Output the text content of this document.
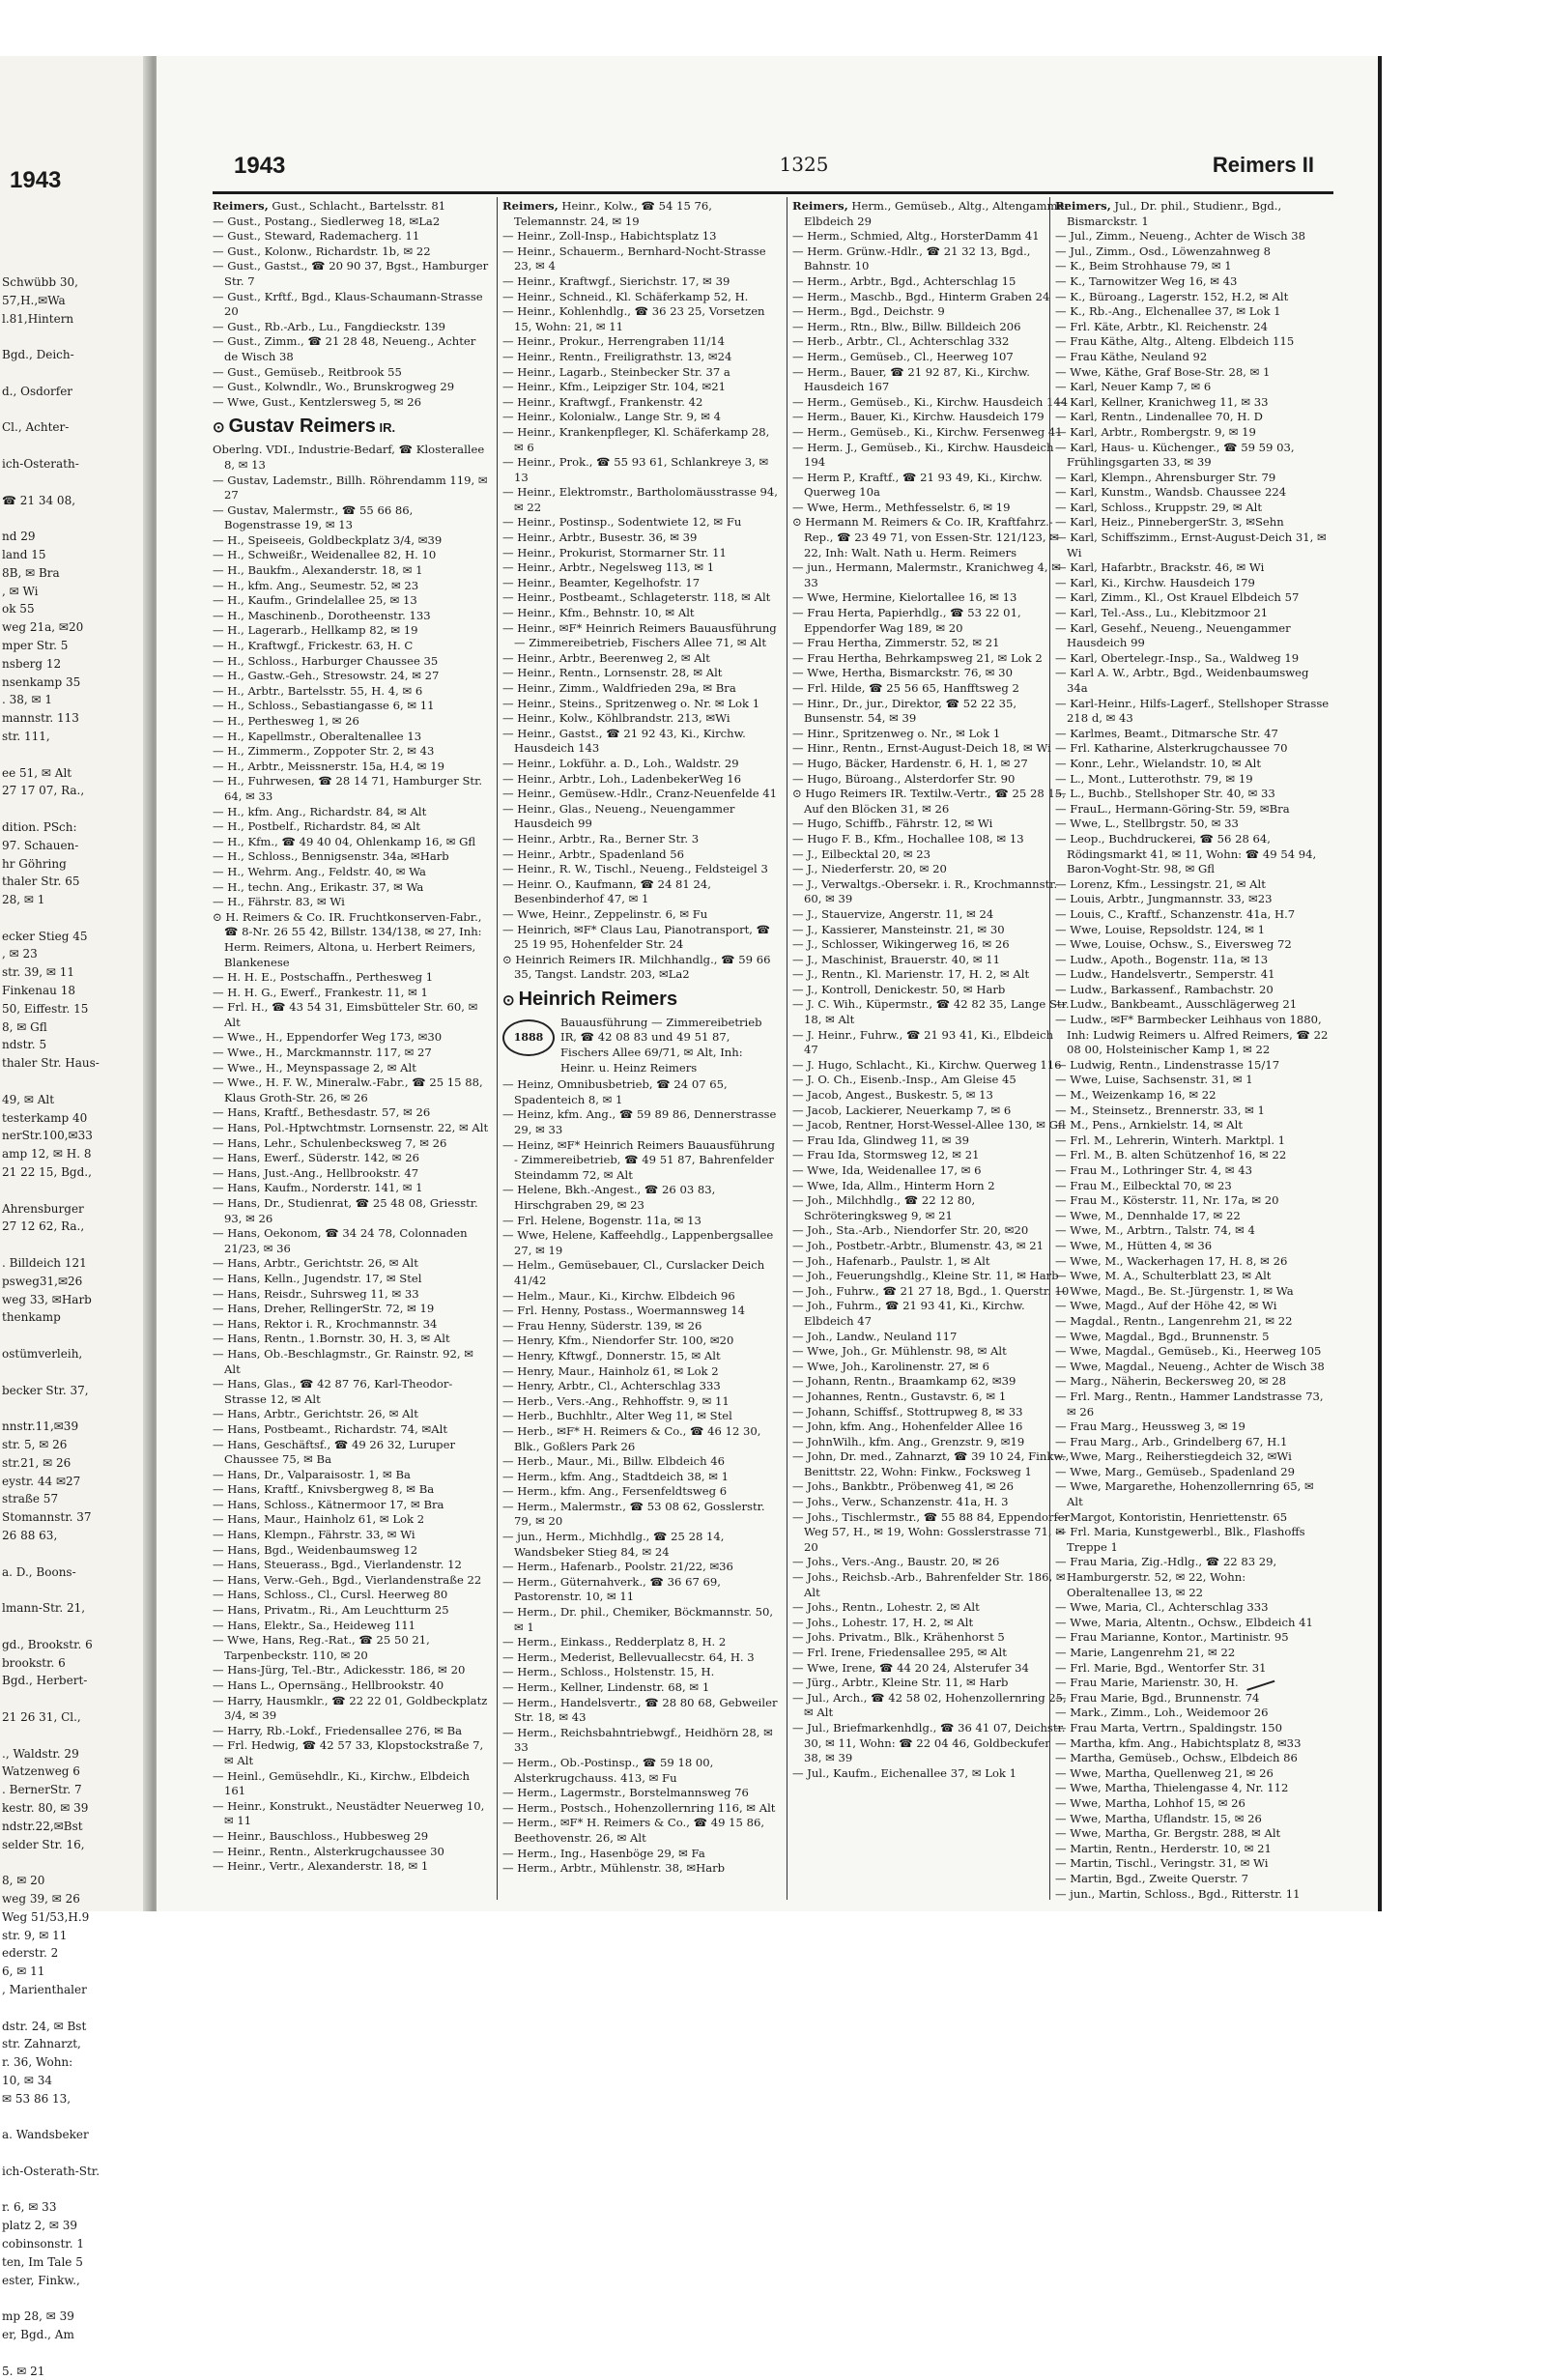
1943
Schwübb 30,
57,H.,✉Wa
l.81,Hintern

Bgd., Deich-

d., Osdorfer

Cl., Achter-

ich-Osterath-

☎ 21 34 08,

nd 29
land 15
8B, ✉ Bra
, ✉ Wi
ok 55
weg 21a, ✉20
mper Str. 5
nsberg 12
nsenkamp 35
. 38, ✉ 1
mannstr. 113
str. 111,

ee 51, ✉ Alt
27 17 07, Ra.,

dition. PSch:
97. Schauen-
hr Göhring
thaler Str. 65
28, ✉ 1

ecker Stieg 45
, ✉ 23
str. 39, ✉ 11
Finkenau 18
50, Eiffestr. 15
8, ✉ Gfl
ndstr. 5
thaler Str. Haus-

49, ✉ Alt
testerkamp 40
nerStr.100,✉33
amp 12, ✉ H. 8
21 22 15, Bgd.,

Ahrensburger
27 12 62, Ra.,

. Billdeich 121
psweg31,✉26
weg 33, ✉Harb
thenkamp

ostümverleih,

becker Str. 37,

nnstr.11,✉39
str. 5, ✉ 26
str.21, ✉ 26
eystr. 44 ✉27
straße 57
Stomannstr. 37
26 88 63,

a. D., Boons-

lmann-Str. 21,

gd., Brookstr. 6
brookstr. 6
Bgd., Herbert-

21 26 31, Cl.,

., Waldstr. 29
Watzenweg 6
. BernerStr. 7
kestr. 80, ✉ 39
ndstr.22,✉Bst
selder Str. 16,

8, ✉ 20
weg 39, ✉ 26
Weg 51/53,H.9
str. 9, ✉ 11
ederstr. 2
6, ✉ 11
, Marienthaler

dstr. 24, ✉ Bst
str. Zahnarzt,
r. 36, Wohn:
10, ✉ 34
✉ 53 86 13,

a. Wandsbeker

ich-Osterath-Str.

r. 6, ✉ 33
platz 2, ✉ 39
cobinsonstr. 1
ten, Im Tale 5
ester, Finkw.,

mp 28, ✉ 39
er, Bgd., Am

5. ✉ 21
1943	1325	Reimers II

Reimers, Gust., Schlacht., Bartelsstr. 81

— Gust., Postang., Siedlerweg 18, ✉La2

— Gust., Steward, Rademacherg. 11

— Gust., Kolonw., Richardstr. 1b, ✉ 22

— Gust., Gastst., ☎ 20 90 37, Bgst., Hamburger Str. 7

— Gust., Krftf., Bgd., Klaus-Schaumann-Strasse 20

— Gust., Rb.-Arb., Lu., Fangdieckstr. 139

— Gust., Zimm., ☎ 21 28 48, Neueng., Achter de Wisch 38

— Gust., Gemüseb., Reitbrook 55

— Gust., Kolwndlr., Wo., Brunskrogweg 29

— Wwe, Gust., Kentzlersweg 5, ✉ 26

⊙ Gustav Reimers IR.

Oberlng. VDI., Industrie-Bedarf, ☎ Klosterallee 8, ✉ 13

— Gustav, Lademstr., Billh. Röhrendamm 119, ✉ 27

— Gustav, Malermstr., ☎ 55 66 86, Bogenstrasse 19, ✉ 13

— H., Speiseeis, Goldbeckplatz 3/4, ✉39

— H., Schweißr., Weidenallee 82, H. 10

— H., Baukfm., Alexanderstr. 18, ✉ 1

— H., kfm. Ang., Seumestr. 52, ✉ 23

— H., Kaufm., Grindelallee 25, ✉ 13

— H., Maschinenb., Dorotheenstr. 133

— H., Lagerarb., Hellkamp 82, ✉ 19

— H., Kraftwgf., Frickestr. 63, H. C

— H., Schloss., Harburger Chaussee 35

— H., Gastw.-Geh., Stresowstr. 24, ✉ 27

— H., Arbtr., Bartelsstr. 55, H. 4, ✉ 6

— H., Schloss., Sebastiangasse 6, ✉ 11

— H., Perthesweg 1, ✉ 26

— H., Kapellmstr., Oberaltenallee 13

— H., Zimmerm., Zoppoter Str. 2, ✉ 43

— H., Arbtr., Meissnerstr. 15a, H.4, ✉ 19

— H., Fuhrwesen, ☎ 28 14 71, Hamburger Str. 64, ✉ 33

— H., kfm. Ang., Richardstr. 84, ✉ Alt

— H., Postbelf., Richardstr. 84, ✉ Alt

— H., Kfm., ☎ 49 40 04, Ohlenkamp 16, ✉ Gfl

— H., Schloss., Bennigsenstr. 34a, ✉Harb

— H., Wehrm. Ang., Feldstr. 40, ✉ Wa

— H., techn. Ang., Erikastr. 37, ✉ Wa

— H., Fährstr. 83, ✉ Wi

⊙ H. Reimers & Co. IR. Fruchtkonserven-Fabr., ☎ 8-Nr. 26 55 42, Billstr. 134/138, ✉ 27, Inh: Herm. Reimers, Altona, u. Herbert Reimers, Blankenese

— H. H. E., Postschaffn., Perthesweg 1

— H. H. G., Ewerf., Frankestr. 11, ✉ 1

— Frl. H., ☎ 43 54 31, Eimsbütteler Str. 60, ✉ Alt

— Wwe., H., Eppendorfer Weg 173, ✉30

— Wwe., H., Marckmannstr. 117, ✉ 27

— Wwe., H., Meynspassage 2, ✉ Alt

— Wwe., H. F. W., Mineralw.-Fabr., ☎ 25 15 88, Klaus Groth-Str. 26, ✉ 26

— Hans, Kraftf., Bethesdastr. 57, ✉ 26

— Hans, Pol.-Hptwchtmstr. Lornsenstr. 22, ✉ Alt

— Hans, Lehr., Schulenbecksweg 7, ✉ 26

— Hans, Ewerf., Süderstr. 142, ✉ 26

— Hans, Just.-Ang., Hellbrookstr. 47

— Hans, Kaufm., Norderstr. 141, ✉ 1

— Hans, Dr., Studienrat, ☎ 25 48 08, Griesstr. 93, ✉ 26

— Hans, Oekonom, ☎ 34 24 78, Colonnaden 21/23, ✉ 36

— Hans, Arbtr., Gerichtstr. 26, ✉ Alt

— Hans, Kelln., Jugendstr. 17, ✉ Stel

— Hans, Reisdr., Suhrsweg 11, ✉ 33

— Hans, Dreher, RellingerStr. 72, ✉ 19

— Hans, Rektor i. R., Krochmannstr. 34

— Hans, Rentn., 1.Bornstr. 30, H. 3, ✉ Alt

— Hans, Ob.-Beschlagmstr., Gr. Rainstr. 92, ✉ Alt

— Hans, Glas., ☎ 42 87 76, Karl-Theodor-Strasse 12, ✉ Alt

— Hans, Arbtr., Gerichtstr. 26, ✉ Alt

— Hans, Postbeamt., Richardstr. 74, ✉Alt

— Hans, Geschäftsf., ☎ 49 26 32, Luruper Chaussee 75, ✉ Ba

— Hans, Dr., Valparaisostr. 1, ✉ Ba

— Hans, Kraftf., Knivsbergweg 8, ✉ Ba

— Hans, Schloss., Kätnermoor 17, ✉ Bra

— Hans, Maur., Hainholz 61, ✉ Lok 2

— Hans, Klempn., Fährstr. 33, ✉ Wi

— Hans, Bgd., Weidenbaumsweg 12

— Hans, Steuerass., Bgd., Vierlandenstr. 12

— Hans, Verw.-Geh., Bgd., Vierlandenstraße 22

— Hans, Schloss., Cl., Cursl. Heerweg 80

— Hans, Privatm., Ri., Am Leuchtturm 25

— Hans, Elektr., Sa., Heideweg 111

— Wwe, Hans, Reg.-Rat., ☎ 25 50 21, Tarpenbeckstr. 110, ✉ 20

— Hans-Jürg, Tel.-Btr., Adickesstr. 186, ✉ 20

— Hans L., Opernsäng., Hellbrookstr. 40

— Harry, Hausmklr., ☎ 22 22 01, Goldbeckplatz 3/4, ✉ 39

— Harry, Rb.-Lokf., Friedensallee 276, ✉ Ba

— Frl. Hedwig, ☎ 42 57 33, Klopstockstraße 7, ✉ Alt

— Heinl., Gemüsehdlr., Ki., Kirchw., Elbdeich 161

— Heinr., Konstrukt., Neustädter Neuerweg 10, ✉ 11

— Heinr., Bauschloss., Hubbesweg 29

— Heinr., Rentn., Alsterkrugchaussee 30

— Heinr., Vertr., Alexanderstr. 18, ✉ 1

Reimers, Heinr., Kolw., ☎ 54 15 76, Telemannstr. 24, ✉ 19

— Heinr., Zoll-Insp., Habichtsplatz 13

— Heinr., Schauerm., Bernhard-Nocht-Strasse 23, ✉ 4

— Heinr., Kraftwgf., Sierichstr. 17, ✉ 39

— Heinr., Schneid., Kl. Schäferkamp 52, H.

— Heinr., Kohlenhdlg., ☎ 36 23 25, Vorsetzen 15, Wohn: 21, ✉ 11

— Heinr., Prokur., Herrengraben 11/14

— Heinr., Rentn., Freiligrathstr. 13, ✉24

— Heinr., Lagarb., Steinbecker Str. 37 a

— Heinr., Kfm., Leipziger Str. 104, ✉21

— Heinr., Kraftwgf., Frankenstr. 42

— Heinr., Kolonialw., Lange Str. 9, ✉ 4

— Heinr., Krankenpfleger, Kl. Schäferkamp 28, ✉ 6

— Heinr., Prok., ☎ 55 93 61, Schlankreye 3, ✉ 13

— Heinr., Elektromstr., Bartholomäusstrasse 94, ✉ 22

— Heinr., Postinsp., Sodentwiete 12, ✉ Fu

— Heinr., Arbtr., Busestr. 36, ✉ 39

— Heinr., Prokurist, Stormarner Str. 11

— Heinr., Arbtr., Negelsweg 113, ✉ 1

— Heinr., Beamter, Kegelhofstr. 17

— Heinr., Postbeamt., Schlageterstr. 118, ✉ Alt

— Heinr., Kfm., Behnstr. 10, ✉ Alt

— Heinr., ✉F* Heinrich Reimers Bauausführung — Zimmereibetrieb, Fischers Allee 71, ✉ Alt

— Heinr., Arbtr., Beerenweg 2, ✉ Alt

— Heinr., Rentn., Lornsenstr. 28, ✉ Alt

— Heinr., Zimm., Waldfrieden 29a, ✉ Bra

— Heinr., Steins., Spritzenweg o. Nr. ✉ Lok 1

— Heinr., Kolw., Köhlbrandstr. 213, ✉Wi

— Heinr., Gastst., ☎ 21 92 43, Ki., Kirchw. Hausdeich 143

— Heinr., Lokführ. a. D., Loh., Waldstr. 29

— Heinr., Arbtr., Loh., LadenbekerWeg 16

— Heinr., Gemüsew.-Hdlr., Cranz-Neuenfelde 41

— Heinr., Glas., Neueng., Neuengammer Hausdeich 99

— Heinr., Arbtr., Ra., Berner Str. 3

— Heinr., Arbtr., Spadenland 56

— Heinr., R. W., Tischl., Neueng., Feldsteigel 3

— Heinr. O., Kaufmann, ☎ 24 81 24, Besenbinderhof 47, ✉ 1

— Wwe, Heinr., Zeppelinstr. 6, ✉ Fu

— Heinrich, ✉F* Claus Lau, Pianotransport, ☎ 25 19 95, Hohenfelder Str. 24

⊙ Heinrich Reimers IR. Milchhandlg., ☎ 59 66 35, Tangst. Landstr. 203, ✉La2

⊙ Heinrich Reimers
1888
Bauausführung — Zimmereibetrieb IR, ☎ 42 08 83 und 49 51 87, Fischers Allee 69/71, ✉ Alt, Inh: Heinr. u. Heinz Reimers

— Heinz, Omnibusbetrieb, ☎ 24 07 65, Spadenteich 8, ✉ 1

— Heinz, kfm. Ang., ☎ 59 89 86, Dennerstrasse 29, ✉ 33

— Heinz, ✉F* Heinrich Reimers Bauausführung - Zimmereibetrieb, ☎ 49 51 87, Bahrenfelder Steindamm 72, ✉ Alt

— Helene, Bkh.-Angest., ☎ 26 03 83, Hirschgraben 29, ✉ 23

— Frl. Helene, Bogenstr. 11a, ✉ 13

— Wwe, Helene, Kaffeehdlg., Lappenbergsallee 27, ✉ 19

— Helm., Gemüsebauer, Cl., Curslacker Deich 41/42

— Helm., Maur., Ki., Kirchw. Elbdeich 96

— Frl. Henny, Postass., Woermannsweg 14

— Frau Henny, Süderstr. 139, ✉ 26

— Henry, Kfm., Niendorfer Str. 100, ✉20

— Henry, Kftwgf., Donnerstr. 15, ✉ Alt

— Henry, Maur., Hainholz 61, ✉ Lok 2

— Henry, Arbtr., Cl., Achterschlag 333

— Herb., Vers.-Ang., Rehhoffstr. 9, ✉ 11

— Herb., Buchhltr., Alter Weg 11, ✉ Stel

— Herb., ✉F* H. Reimers & Co., ☎ 46 12 30, Blk., Goßlers Park 26

— Herb., Maur., Mi., Billw. Elbdeich 46

— Herm., kfm. Ang., Stadtdeich 38, ✉ 1

— Herm., kfm. Ang., Fersenfeldtsweg 6

— Herm., Malermstr., ☎ 53 08 62, Gosslerstr. 79, ✉ 20

— jun., Herm., Michhdlg., ☎ 25 28 14, Wandsbeker Stieg 84, ✉ 24

— Herm., Hafenarb., Poolstr. 21/22, ✉36

— Herm., Güternahverk., ☎ 36 67 69, Pastorenstr. 10, ✉ 11

— Herm., Dr. phil., Chemiker, Böckmannstr. 50, ✉ 1

— Herm., Einkass., Redderplatz 8, H. 2

— Herm., Mederist, Bellevuallecstr. 64, H. 3

— Herm., Schloss., Holstenstr. 15, H.

— Herm., Kellner, Lindenstr. 68, ✉ 1

— Herm., Handelsvertr., ☎ 28 80 68, Gebweiler Str. 18, ✉ 43

— Herm., Reichsbahntriebwgf., Heidhörn 28, ✉ 33

— Herm., Ob.-Postinsp., ☎ 59 18 00, Alsterkrugchauss. 413, ✉ Fu

— Herm., Lagermstr., Borstelmannsweg 76

— Herm., Postsch., Hohenzollernring 116, ✉ Alt

— Herm., ✉F* H. Reimers & Co., ☎ 49 15 86, Beethovenstr. 26, ✉ Alt

— Herm., Ing., Hasenböge 29, ✉ Fa

— Herm., Arbtr., Mühlenstr. 38, ✉Harb

Reimers, Herm., Gemüseb., Altg., Altengammer Elbdeich 29

— Herm., Schmied, Altg., HorsterDamm 41

— Herm. Grünw.-Hdlr., ☎ 21 32 13, Bgd., Bahnstr. 10

— Herm., Arbtr., Bgd., Achterschlag 15

— Herm., Maschb., Bgd., Hinterm Graben 24

— Herm., Bgd., Deichstr. 9

— Herm., Rtn., Blw., Billw. Billdeich 206

— Herb., Arbtr., Cl., Achterschlag 332

— Herm., Gemüseb., Cl., Heerweg 107

— Herm., Bauer, ☎ 21 92 87, Ki., Kirchw. Hausdeich 167

— Herm., Gemüseb., Ki., Kirchw. Hausdeich 144

— Herm., Bauer, Ki., Kirchw. Hausdeich 179

— Herm., Gemüseb., Ki., Kirchw. Fersenweg 41

— Herm. J., Gemüseb., Ki., Kirchw. Hausdeich 194

— Herm P., Kraftf., ☎ 21 93 49, Ki., Kirchw. Querweg 10a

— Wwe, Herm., Methfesselstr. 6, ✉ 19

⊙ Hermann M. Reimers & Co. IR, Kraftfahrz.-Rep., ☎ 23 49 71, von Essen-Str. 121/123, ✉ 22, Inh: Walt. Nath u. Herm. Reimers

— jun., Hermann, Malermstr., Kranichweg 4, ✉ 33

— Wwe, Hermine, Kielortallee 16, ✉ 13

— Frau Herta, Papierhdlg., ☎ 53 22 01, Eppendorfer Wag 189, ✉ 20

— Frau Hertha, Zimmerstr. 52, ✉ 21

— Frau Hertha, Behrkampsweg 21, ✉ Lok 2

— Wwe, Hertha, Bismarckstr. 76, ✉ 30

— Frl. Hilde, ☎ 25 56 65, Hanfftsweg 2

— Hinr., Dr., jur., Direktor, ☎ 52 22 35, Bunsenstr. 54, ✉ 39

— Hinr., Spritzenweg o. Nr., ✉ Lok 1

— Hinr., Rentn., Ernst-August-Deich 18, ✉ Wi

— Hugo, Bäcker, Hardenstr. 6, H. 1, ✉ 27

— Hugo, Büroang., Alsterdorfer Str. 90

⊙ Hugo Reimers IR. Textilw.-Vertr., ☎ 25 28 15, Auf den Blöcken 31, ✉ 26

— Hugo, Schiffb., Fährstr. 12, ✉ Wi

— Hugo F. B., Kfm., Hochallee 108, ✉ 13

— J., Eilbecktal 20, ✉ 23

— J., Niederferstr. 20, ✉ 20

— J., Verwaltgs.-Obersekr. i. R., Krochmannstr. 60, ✉ 39

— J., Stauervize, Angerstr. 11, ✉ 24

— J., Kassierer, Mansteinstr. 21, ✉ 30

— J., Schlosser, Wikingerweg 16, ✉ 26

— J., Maschinist, Brauerstr. 40, ✉ 11

— J., Rentn., Kl. Marienstr. 17, H. 2, ✉ Alt

— J., Kontroll, Denickestr. 50, ✉ Harb

— J. C. Wih., Küpermstr., ☎ 42 82 35, Lange Str. 18, ✉ Alt

— J. Heinr., Fuhrw., ☎ 21 93 41, Ki., Elbdeich 47

— J. Hugo, Schlacht., Ki., Kirchw. Querweg 116

— J. O. Ch., Eisenb.-Insp., Am Gleise 45

— Jacob, Angest., Buskestr. 5, ✉ 13

— Jacob, Lackierer, Neuerkamp 7, ✉ 6

— Jacob, Rentner, Horst-Wessel-Allee 130, ✉ Gfl

— Frau Ida, Glindweg 11, ✉ 39

— Frau Ida, Stormsweg 12, ✉ 21

— Wwe, Ida, Weidenallee 17, ✉ 6

— Wwe, Ida, Allm., Hinterm Horn 2

— Joh., Milchhdlg., ☎ 22 12 80, Schröteringksweg 9, ✉ 21

— Joh., Sta.-Arb., Niendorfer Str. 20, ✉20

— Joh., Postbetr.-Arbtr., Blumenstr. 43, ✉ 21

— Joh., Hafenarb., Paulstr. 1, ✉ Alt

— Joh., Feuerungshdlg., Kleine Str. 11, ✉ Harb

— Joh., Fuhrw., ☎ 21 27 18, Bgd., 1. Querstr. 10

— Joh., Fuhrm., ☎ 21 93 41, Ki., Kirchw. Elbdeich 47

— Joh., Landw., Neuland 117

— Wwe, Joh., Gr. Mühlenstr. 98, ✉ Alt

— Wwe, Joh., Karolinenstr. 27, ✉ 6

— Johann, Rentn., Braamkamp 62, ✉39

— Johannes, Rentn., Gustavstr. 6, ✉ 1

— Johann, Schiffsf., Stottrupweg 8, ✉ 33

— John, kfm. Ang., Hohenfelder Allee 16

— JohnWilh., kfm. Ang., Grenzstr. 9, ✉19

— John, Dr. med., Zahnarzt, ☎ 39 10 24, Finkw., Benittstr. 22, Wohn: Finkw., Focksweg 1

— Johs., Bankbtr., Pröbenweg 41, ✉ 26

— Johs., Verw., Schanzenstr. 41a, H. 3

— Johs., Tischlermstr., ☎ 55 88 84, Eppendorfer Weg 57, H., ✉ 19, Wohn: Gosslerstrasse 71, ✉ 20

— Johs., Vers.-Ang., Baustr. 20, ✉ 26

— Johs., Reichsb.-Arb., Bahrenfelder Str. 186, ✉ Alt

— Johs., Rentn., Lohestr. 2, ✉ Alt

— Johs., Lohestr. 17, H. 2, ✉ Alt

— Johs. Privatm., Blk., Krähenhorst 5

— Frl. Irene, Friedensallee 295, ✉ Alt

— Wwe, Irene, ☎ 44 20 24, Alsterufer 34

— Jürg., Arbtr., Kleine Str. 11, ✉ Harb

— Jul., Arch., ☎ 42 58 02, Hohenzollernring 25, ✉ Alt

— Jul., Briefmarkenhdlg., ☎ 36 41 07, Deichstr. 30, ✉ 11, Wohn: ☎ 22 04 46, Goldbeckufer 38, ✉ 39

— Jul., Kaufm., Eichenallee 37, ✉ Lok 1

Reimers, Jul., Dr. phil., Studienr., Bgd., Bismarckstr. 1

— Jul., Zimm., Neueng., Achter de Wisch 38

— Jul., Zimm., Osd., Löwenzahnweg 8

— K., Beim Strohhause 79, ✉ 1

— K., Tarnowitzer Weg 16, ✉ 43

— K., Büroang., Lagerstr. 152, H.2, ✉ Alt

— K., Rb.-Ang., Elchenallee 37, ✉ Lok 1

— Frl. Käte, Arbtr., Kl. Reichenstr. 24

— Frau Käthe, Altg., Alteng. Elbdeich 115

— Frau Käthe, Neuland 92

— Wwe, Käthe, Graf Bose-Str. 28, ✉ 1

— Karl, Neuer Kamp 7, ✉ 6

— Karl, Kellner, Kranichweg 11, ✉ 33

— Karl, Rentn., Lindenallee 70, H. D

— Karl, Arbtr., Rombergstr. 9, ✉ 19

— Karl, Haus- u. Küchenger., ☎ 59 59 03, Frühlingsgarten 33, ✉ 39

— Karl, Klempn., Ahrensburger Str. 79

— Karl, Kunstm., Wandsb. Chaussee 224

— Karl, Schloss., Kruppstr. 29, ✉ Alt

— Karl, Heiz., PinnebergerStr. 3, ✉Sehn

— Karl, Schiffszimm., Ernst-August-Deich 31, ✉ Wi

— Karl, Hafarbtr., Brackstr. 46, ✉ Wi

— Karl, Ki., Kirchw. Hausdeich 179

— Karl, Zimm., Kl., Ost Krauel Elbdeich 57

— Karl, Tel.-Ass., Lu., Klebitzmoor 21

— Karl, Gesehf., Neueng., Neuengammer Hausdeich 99

— Karl, Obertelegr.-Insp., Sa., Waldweg 19

— Karl A. W., Arbtr., Bgd., Weidenbaumsweg 34a

— Karl-Heinr., Hilfs-Lagerf., Stellshoper Strasse 218 d, ✉ 43

— Karlmes, Beamt., Ditmarsche Str. 47

— Frl. Katharine, Alsterkrugchaussee 70

— Konr., Lehr., Wielandstr. 10, ✉ Alt

— L., Mont., Lutterothstr. 79, ✉ 19

— L., Buchb., Stellshoper Str. 40, ✉ 33

— FrauL., Hermann-Göring-Str. 59, ✉Bra

— Wwe, L., Stellbrgstr. 50, ✉ 33

— Leop., Buchdruckerei, ☎ 56 28 64, Rödingsmarkt 41, ✉ 11, Wohn: ☎ 49 54 94, Baron-Voght-Str. 98, ✉ Gfl

— Lorenz, Kfm., Lessingstr. 21, ✉ Alt

— Louis, Arbtr., Jungmannstr. 33, ✉23

— Louis, C., Kraftf., Schanzenstr. 41a, H.7

— Wwe, Louise, Repsoldstr. 124, ✉ 1

— Wwe, Louise, Ochsw., S., Eiversweg 72

— Ludw., Apoth., Bogenstr. 11a, ✉ 13

— Ludw., Handelsvertr., Semperstr. 41

— Ludw., Barkassenf., Rambachstr. 20

— Ludw., Bankbeamt., Ausschlägerweg 21

— Ludw., ✉F* Barmbecker Leihhaus von 1880, Inh: Ludwig Reimers u. Alfred Reimers, ☎ 22 08 00, Holsteinischer Kamp 1, ✉ 22

— Ludwig, Rentn., Lindenstrasse 15/17

— Wwe, Luise, Sachsenstr. 31, ✉ 1

— M., Weizenkamp 16, ✉ 22

— M., Steinsetz., Brennerstr. 33, ✉ 1

— M., Pens., Arnkielstr. 14, ✉ Alt

— Frl. M., Lehrerin, Winterh. Marktpl. 1

— Frl. M., B. alten Schützenhof 16, ✉ 22

— Frau M., Lothringer Str. 4, ✉ 43

— Frau M., Eilbecktal 70, ✉ 23

— Frau M., Kösterstr. 11, Nr. 17a, ✉ 20

— Wwe, M., Dennhalde 17, ✉ 22

— Wwe, M., Arbtrn., Talstr. 74, ✉ 4

— Wwe, M., Hütten 4, ✉ 36

— Wwe, M., Wackerhagen 17, H. 8, ✉ 26

— Wwe, M. A., Schulterblatt 23, ✉ Alt

— Wwe, Magd., Be. St.-Jürgenstr. 1, ✉ Wa

— Wwe, Magd., Auf der Höhe 42, ✉ Wi

— Magdal., Rentn., Langenrehm 21, ✉ 22

— Wwe, Magdal., Bgd., Brunnenstr. 5

— Wwe, Magdal., Gemüseb., Ki., Heerweg 105

— Wwe, Magdal., Neueng., Achter de Wisch 38

— Marg., Näherin, Beckersweg 20, ✉ 28

— Frl. Marg., Rentn., Hammer Landstrasse 73, ✉ 26

— Frau Marg., Heussweg 3, ✉ 19

— Frau Marg., Arb., Grindelberg 67, H.1

— Wwe, Marg., Reiherstiegdeich 32, ✉Wi

— Wwe, Marg., Gemüseb., Spadenland 29

— Wwe, Margarethe, Hohenzollernring 65, ✉ Alt

— Margot, Kontoristin, Henriettenstr. 65

— Frl. Maria, Kunstgewerbl., Blk., Flashoffs Treppe 1

— Frau Maria, Zig.-Hdlg., ☎ 22 83 29, Hamburgerstr. 52, ✉ 22, Wohn: Oberaltenallee 13, ✉ 22

— Wwe, Maria, Cl., Achterschlag 333

— Wwe, Maria, Altentn., Ochsw., Elbdeich 41

— Frau Marianne, Kontor., Martinistr. 95

— Marie, Langenrehm 21, ✉ 22

— Frl. Marie, Bgd., Wentorfer Str. 31

— Frau Marie, Marienstr. 30, H.

— Frau Marie, Bgd., Brunnenstr. 74

— Mark., Zimm., Loh., Weidemoor 26

— Frau Marta, Vertrn., Spaldingstr. 150

— Martha, kfm. Ang., Habichtsplatz 8, ✉33

— Martha, Gemüseb., Ochsw., Elbdeich 86

— Wwe, Martha, Quellenweg 21, ✉ 26

— Wwe, Martha, Thielengasse 4, Nr. 112

— Wwe, Martha, Lohhof 15, ✉ 26

— Wwe, Martha, Uflandstr. 15, ✉ 26

— Wwe, Martha, Gr. Bergstr. 288, ✉ Alt

— Martin, Rentn., Herderstr. 10, ✉ 21

— Martin, Tischl., Veringstr. 31, ✉ Wi

— Martin, Bgd., Zweite Querstr. 7

— jun., Martin, Schloss., Bgd., Ritterstr. 11
